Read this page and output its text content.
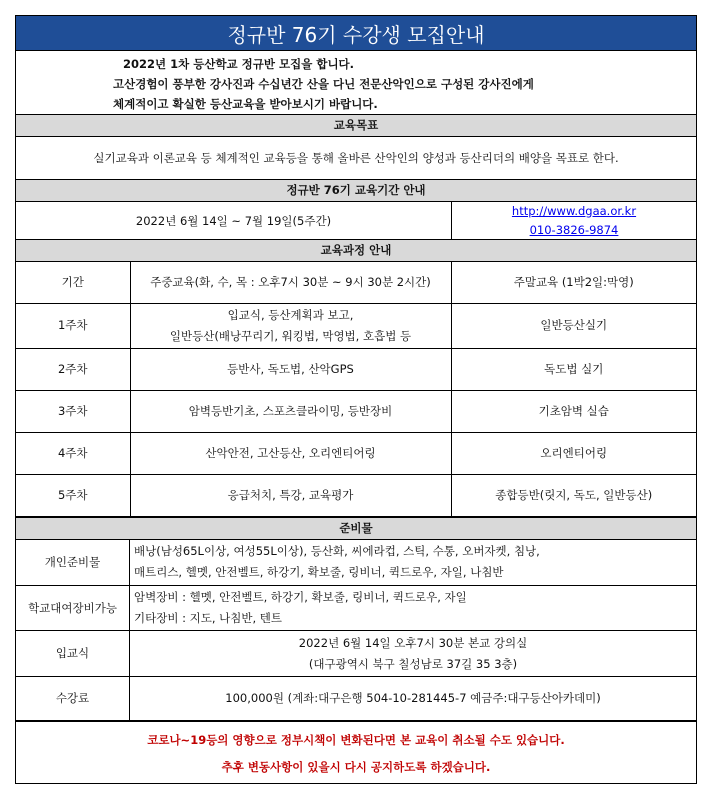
정규반 76기 수강생 모집안내
2022년 1차 등산학교 정규반 모집을 합니다.
고산경험이 풍부한 강사진과 수십년간 산을 다닌 전문산악인으로 구성된 강사진에게
체계적이고 확실한 등산교육을 받아보시기 바랍니다.
교육목표
실기교육과 이론교육 등 체계적인 교육등을 통해 올바른 산악인의 양성과 등산리더의 배양을 목표로 한다.
정규반 76기 교육기간 안내
2022년 6월 14일 ~ 7월 19일(5주간)
http://www.dgaa.or.kr
010-3826-9874
교육과정 안내
기간	주중교육(화, 수, 목 : 오후7시 30분 ~ 9시 30분 2시간)	주말교육 (1박2일:막영)
1주차	입교식, 등산계획과 보고,
일반등산(배낭꾸리기, 워킹법, 막영법, 호흡법 등	일반등산실기
2주차	등반사, 독도법, 산악GPS	독도법 실기
3주차	암벽등반기초, 스포츠클라이밍, 등반장비	기초암벽 실습
4주차	산악안전, 고산등산, 오리엔티어링	오리엔티어링
5주차	응급처치, 특강, 교육평가	종합등반(릿지, 독도, 일반등산)
준비물
개인준비물	배낭(남성65L이상, 여성55L이상), 등산화, 씨에라컵, 스틱, 수통, 오버자켓, 침낭,
매트리스, 헬멧, 안전벨트, 하강기, 확보줄, 링비너, 퀵드로우, 자일, 나침반

학교대여장비가능	암벽장비 : 헬멧, 안전벨트, 하강기, 확보줄, 링비너, 퀵드로우, 자일
기타장비 : 지도, 나침반, 텐트

입교식	2022년 6월 14일 오후7시 30분 본교 강의실
(대구광역시 북구 칠성남로 37길 35 3층)

수강료	100,000원 (계좌:대구은행 504-10-281445-7 예금주:대구등산아카데미)
코로나~19등의 영향으로 정부시책이 변화된다면 본 교육이 취소될 수도 있습니다.
추후 변동사항이 있을시 다시 공지하도록 하겠습니다.
